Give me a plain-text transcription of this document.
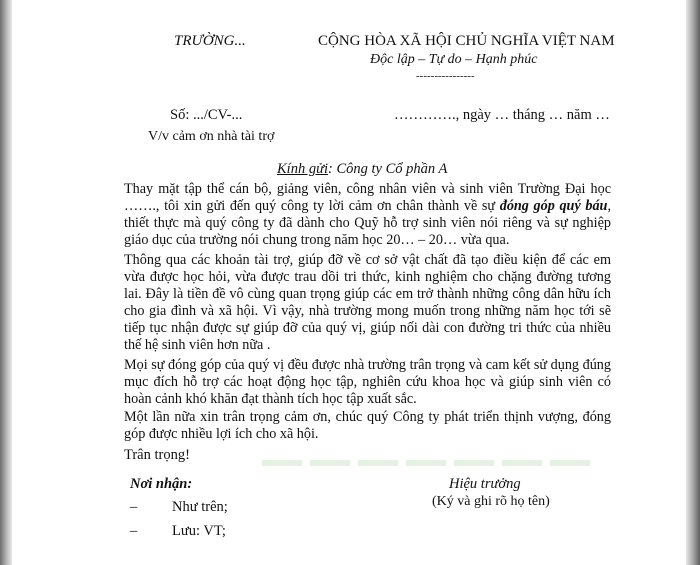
TRƯỜNG...	CỘNG HÒA XÃ HỘI CHỦ NGHĨA VIỆT NAM
Độc lập – Tự do – Hạnh phúc
----------------
Số: .../CV-...	…………., ngày … tháng … năm …
V/v cảm ơn nhà tài trợ
Kính gửi: Công ty Cổ phần A

Thay mặt tập thể cán bộ, giảng viên, công nhân viên và sinh viên Trường Đại học ……., tôi xin gửi đến quý công ty lời cảm ơn chân thành về sự đóng góp quý báu, thiết thực mà quý công ty đã dành cho Quỹ hỗ trợ sinh viên nói riêng và sự nghiệp giáo dục của trường nói chung trong năm học 20… – 20… vừa qua.

Thông qua các khoản tài trợ, giúp đỡ về cơ sở vật chất đã tạo điều kiện để các em vừa được học hỏi, vừa được trau dồi tri thức, kinh nghiệm cho chặng đường tương lai. Đây là tiền đề vô cùng quan trọng giúp các em trở thành những công dân hữu ích cho gia đình và xã hội. Vì vậy, nhà trường mong muốn trong những năm học tới sẽ tiếp tục nhận được sự giúp đỡ của quý vị, giúp nối dài con đường tri thức của nhiều thế hệ sinh viên hơn nữa .

Mọi sự đóng góp của quý vị đều được nhà trường trân trọng và cam kết sử dụng đúng mục đích hỗ trợ các hoạt động học tập, nghiên cứu khoa học và giúp sinh viên có hoàn cảnh khó khăn đạt thành tích học tập xuất sắc.

Một lần nữa xin trân trọng cảm ơn, chúc quý Công ty phát triển thịnh vượng, đóng góp được nhiều lợi ích cho xã hội.

Trân trọng!
Nơi nhận:
– Như trên;
– Lưu: VT;
Hiệu trưởng
(Ký và ghi rõ họ tên)
